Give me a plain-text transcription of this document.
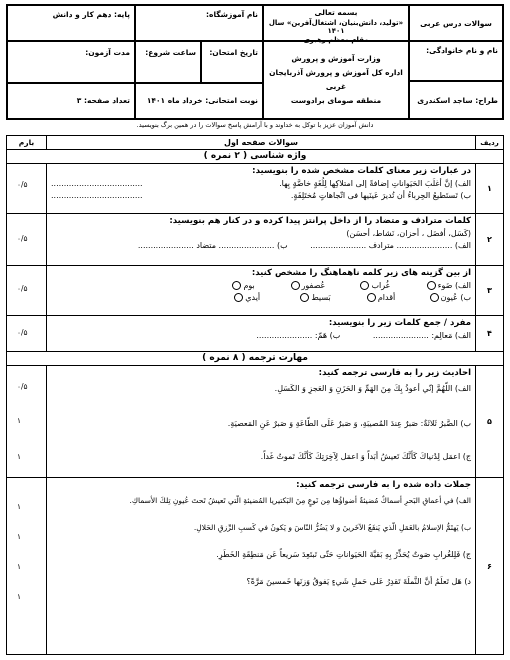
سوالات درس عربی
بسمه تعالی
«تولید، دانش‌بنیان، اشتغال‌آفرین» سال ۱۴۰۱
مقام معظم رهبری
نام آموزشگاه:
پایه: دهم کار و دانش
نام و نام خانوادگی:
وزارت آموزش و پرورش
اداره کل آموزش و پرورش آذربایجان غربی
منطقه صومای برادوست
تاریخ امتحان:
ساعت شروع:
مدت آزمون:
طراح: ساجد اسکندری
نوبت امتحانی: خرداد ماه ۱۴۰۱
تعداد صفحه: ۳
دانش آموزان عزیز با توکل به خداوند و با آرامش پاسخ سوالات را در همین برگ بنویسید.
ردیف
بارم	سوالات صفحه اول
واژه شناسی ( ۲ نمره )
۱
۰/۵
در عبارات زیر معنای کلمات مشخص شده را بنویسید:
الف) إنَّ أغلَبَ الحَیَواناتِ إضافةً إلی امتلاکِها لِلُغَةٍ خاصَّةٍ بِها.
....................................
ب) تَستَطیعُ الحِرباءُ أن تُدیرَ عَینَیها فی اتّجاهاتٍ مُختَلِفَةٍ.
....................................
۲
۰/۵
کلمات مترادف و متضاد را از داخل پرانتز پیدا کرده و در کنار هم بنویسید:
(کَسَل، أفضَل ، أحزان، نَشاط، أحسَن)
الف) ...................... مترادف ...................... ب) ...................... متضاد ......................
۳
۰/۵
از بین گزینه های زیر کلمه ناهماهنگ را مشخص کنید:
الف) ضَوء غُراب عُصفور بوم
ب) عُیون أقدام بَسیط أیدي
۴
۰/۵
مفرد / جمع کلمات زیر را بنویسید:
الف) مَعالِم: ...................... ب) هَمّ: ......................
مهارت ترجمه ( ۸ نمره )
۵
۰/۵
۱
۱
احادیث زیر را به فارسی ترجمه کنید:
الف) اللّهُمَّ إنّي أعوذُ بِكَ مِنَ الهَمِّ وَ الحَزَنِ وَ العَجزِ وَ الكَسَلِ.
ب) الصَّبرُ ثَلاثَةٌ: صَبرٌ عِندَ المُصیبَةِ، وَ صَبرٌ عَلَی الطّاعَةِ وَ صَبرٌ عَنِ المَعصیَةِ.
ج) اعمَل لِدُنیاكَ كَأنَّكَ تَعیشُ أبَداً وَ اعمَل لِآخِرَتِكَ كَأنَّكَ تَموتُ غَداً.
۶
۱
۱
۱
۱
جملات داده شده را به فارسی ترجمه کنید:
الف) في أعماقِ البَحرِ أسماكٌ مُضیئةٌ أضواؤُها مِن نَوعٍ مِنَ البَكتیریا المُضیئةِ الّتي تَعیشُ تَحتَ عُیونِ تِلكَ الأسماكِ.
ب) یَهتَمُّ الإسلامُ بالعَمَلِ الّذي یَنفَعُ الآخَرینَ و لا یَضُرُّ النّاسَ و یَكونُ في كَسبِ الرِّزقِ الحَلالِ.
ج) فَلِلغُرابِ صَوتٌ یُحَذِّرُ بِهِ بَقیَّةَ الحَیَواناتِ حَتّی تَبتَعِدَ سَریعاً عَن مَنطِقَةِ الخَطَرِ.
د) هَل تَعلَمُ أنَّ النَّملَةَ تَقدِرُ عَلی حَملِ شَيءٍ یَفوقُ وَزنَها خَمسینَ مَرَّةً؟
